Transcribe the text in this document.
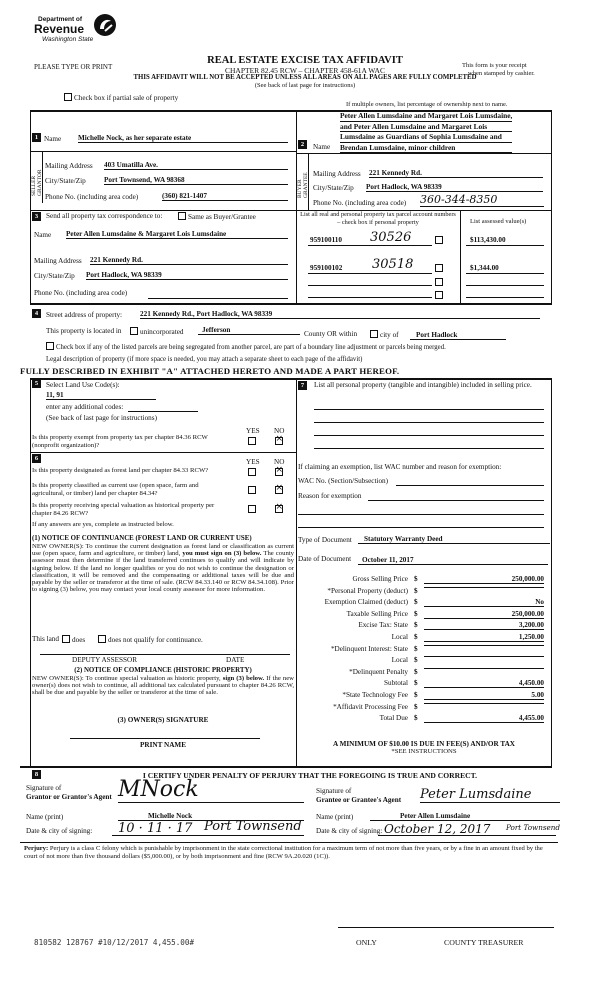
Department of
Revenue
Washington State
PLEASE TYPE OR PRINT
REAL ESTATE EXCISE TAX AFFIDAVIT
CHAPTER 82.45 RCW – CHAPTER 458-61A WAC
THIS AFFIDAVIT WILL NOT BE ACCEPTED UNLESS ALL AREAS ON ALL PAGES ARE FULLY COMPLETED
(See back of last page for instructions)
This form is your receipt
when stamped by cashier.
Check box if partial sale of property
If multiple owners, list percentage of ownership next to name.
1 Name Michelle Nock, as her separate estate
SELLER GRANTOR
Mailing Address 403 Umatilla Ave.
City/State/Zip	Port Townsend, WA 98368
Phone No. (including area code)	(360) 821-1407
Peter Allen Lumsdaine and Margaret Lois Lumsdaine,
and Peter Allen Lumsdaine and Margaret Lois
Lumsdaine as Guardians of Sophia Lumsdaine and
Brendan Lumsdaine, minor children
2	Name
BUYER GRANTEE Mailing Address 221 Kennedy Rd.
City/State/Zip Port Hadlock, WA 98339
Phone No. (including area code) 360-344-8350
3	Send all property tax correspondence to:	Same as Buyer/Grantee	List all real and personal property tax parcel account numbers – check box if personal property	List assessed value(s)
Name Peter Allen Lumsdaine & Margaret Lois Lumsdaine
Mailing Address 221 Kennedy Rd.
City/State/Zip Port Hadlock, WA 98339
Phone No. (including area code)
959100110 30526	$113,430.00
959100102 30518	$1,344.00
4	Street address of property: 221 Kennedy Rd., Port Hadlock, WA 98339
This property is located in	unincorporated	Jefferson	County OR within	city of	Port Hadlock
Check box if any of the listed parcels are being segregated from another parcel, are part of a boundary line adjustment or parcels being merged.
Legal description of property (if more space is needed, you may attach a separate sheet to each page of the affidavit)
FULLY DESCRIBED IN EXHIBIT "A" ATTACHED HERETO AND MADE A PART HEREOF.
5	Select Land Use Code(s):
11, 91
enter any additional codes:
(See back of last page for instructions)
YES NO
Is this property exempt from property tax per chapter 84.36 RCW (nonprofit organization)?
×
7	List all personal property (tangible and intangible) included in selling price.
6	YES NO
Is this property designated as forest land per chapter 84.33 RCW?
×
Is this property classified as current use (open space, farm and agricultural, or timber) land per chapter 84.34?
×
Is this property receiving special valuation as historical property per chapter 84.26 RCW?
×
If any answers are yes, complete as instructed below.
(1) NOTICE OF CONTINUANCE (FOREST LAND OR CURRENT USE)
NEW OWNER(S): To continue the current designation as forest land or classification as current use (open space, farm and agriculture, or timber) land, you must sign on (3) below. The county assessor must then determine if the land transferred continues to qualify and will indicate by signing below. If the land no longer qualifies or you do not wish to continue the designation or classification, it will be removed and the compensating or additional taxes will be due and payable by the seller or transferor at the time of sale. (RCW 84.33.140 or RCW 84.34.108). Prior to signing (3) below, you may contact your local county assessor for more information.
This land	does	does not qualify for continuance.
DEPUTY ASSESSOR	DATE
(2) NOTICE OF COMPLIANCE (HISTORIC PROPERTY)
NEW OWNER(S): To continue special valuation as historic property, sign (3) below. If the new owner(s) does not wish to continue, all additional tax calculated pursuant to chapter 84.26 RCW, shall be due and payable by the seller or transferor at the time of sale.
(3) OWNER(S) SIGNATURE
PRINT NAME
If claiming an exemption, list WAC number and reason for exemption:
WAC No. (Section/Subsection)
Reason for exemption
Type of Document	Statutory Warranty Deed
Date of Document	October 11, 2017
Gross Selling Price $	250,000.00
*Personal Property (deduct) $
Exemption Claimed (deduct) $	No
Taxable Selling Price $	250,000.00
Excise Tax: State $	3,200.00
Local $	1,250.00
*Delinquent Interest: State $
Local $
*Delinquent Penalty $
Subtotal $	4,450.00
*State Technology Fee $	5.00
*Affidavit Processing Fee $
Total Due $	4,455.00
A MINIMUM OF $10.00 IS DUE IN FEE(S) AND/OR TAX
*SEE INSTRUCTIONS
8	I CERTIFY UNDER PENALTY OF PERJURY THAT THE FOREGOING IS TRUE AND CORRECT.
Signature of
Grantor or Grantor's Agent MNock	Signature of
Grantee or Grantee's Agent Peter Lumsdaine
Name (print)	Michelle Nock	Name (print)	Peter Allen Lumsdaine
Date & city of signing: 10 · 11 · 17 Port Townsend Date & city of signing: October 12, 2017 Port Townsend
Perjury: Perjury is a class C felony which is punishable by imprisonment in the state correctional institution for a maximum term of not more than five years, or by a fine in an amount fixed by the court of not more than five thousand dollars ($5,000.00), or by both imprisonment and fine (RCW 9A.20.020 (1C)).
810582 128767 #10/12/2017 4,455.00#	ONLY	COUNTY TREASURER
